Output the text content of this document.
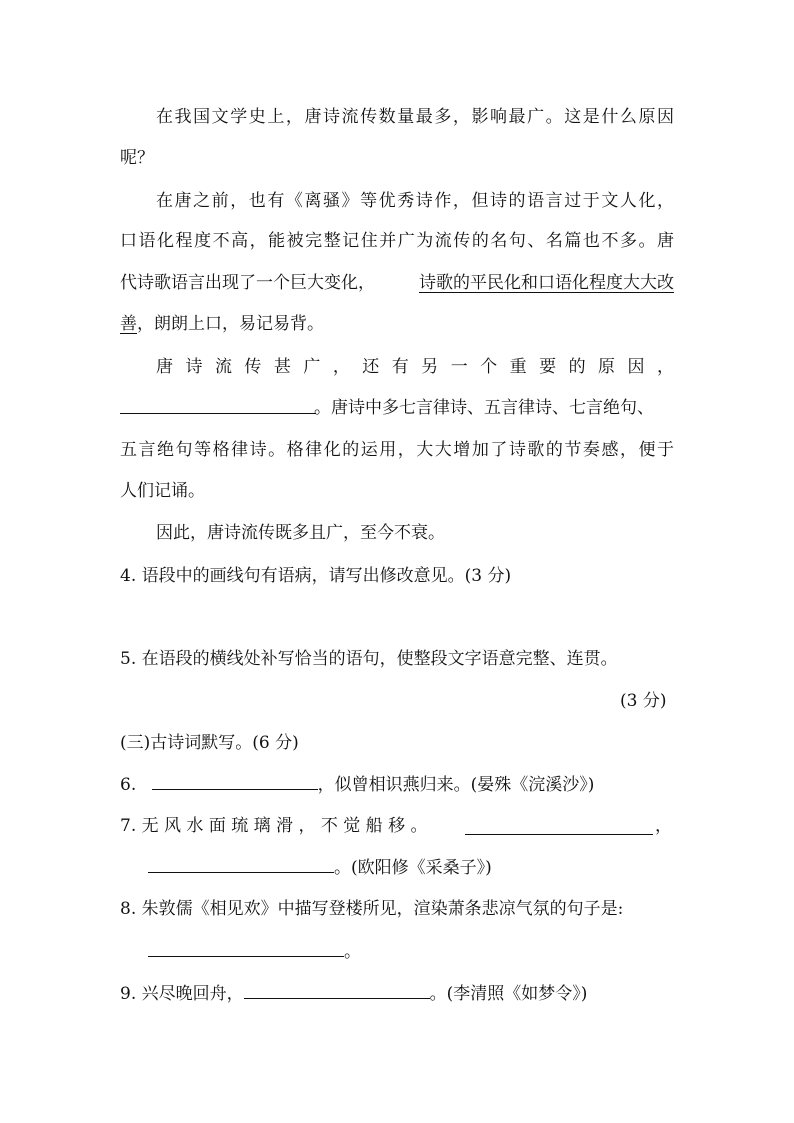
在我国文学史上，唐诗流传数量最多，影响最广。这是什么原因
呢？
在唐之前，也有《离骚》等优秀诗作，但诗的语言过于文人化，
口语化程度不高，能被完整记住并广为流传的名句、名篇也不多。唐
代诗歌语言出现了一个巨大变化，	诗歌的平民化和口语化程度大大改
善，朗朗上口，易记易背。
唐 诗 流 传 甚 广 ， 还 有 另 一 个 重 要 的 原 因 ，
。唐诗中多七言律诗、五言律诗、七言绝句、
五言绝句等格律诗。格律化的运用，大大增加了诗歌的节奏感，便于
人们记诵。
因此，唐诗流传既多且广，至今不衰。
4. 语段中的画线句有语病，请写出修改意见。(3 分)
5. 在语段的横线处补写恰当的语句，使整段文字语意完整、连贯。
(3 分)
(三)古诗词默写。(6 分)
6.	，似曾相识燕归来。(晏殊《浣溪沙》)
7. 无 风 水 面 琉 璃 滑 ， 不 觉 船 移 。	，
。(欧阳修《采桑子》)
8. 朱敦儒《相见欢》中描写登楼所见，渲染萧条悲凉气氛的句子是:
。
9. 兴尽晚回舟，	。(李清照《如梦令》)
